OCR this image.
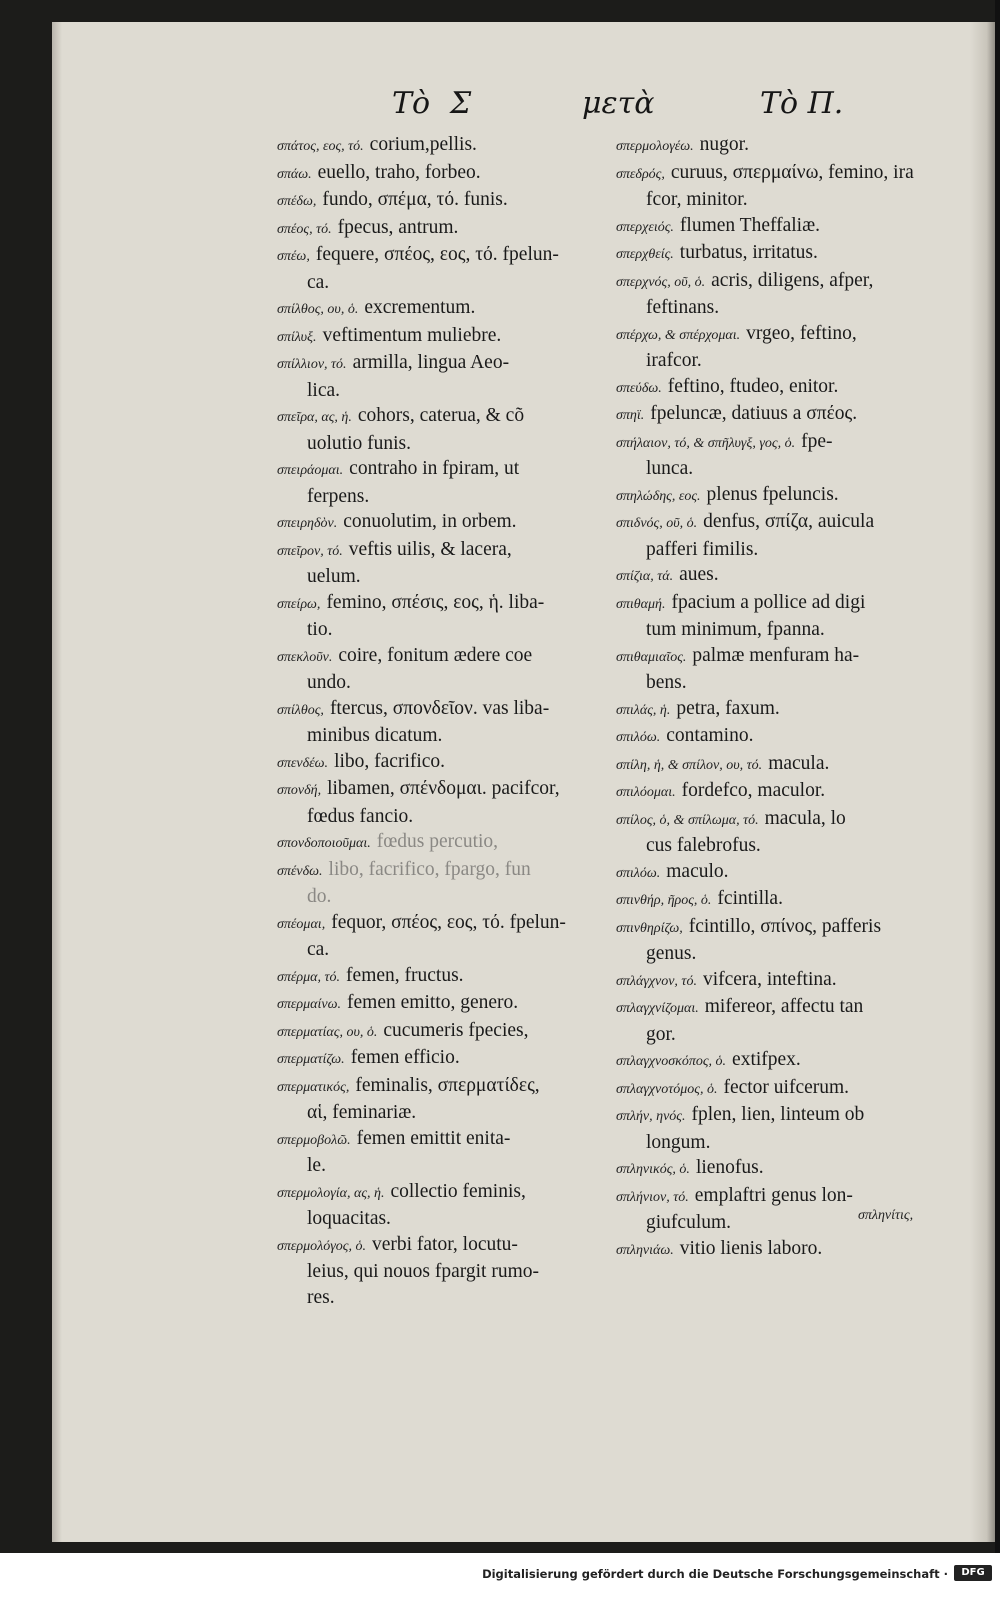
Τὸ Σ	μετὰ	Τὸ Π.
σπάτος, εος, τό. corium,pellis.
σπάω. euello, traho, forbeo.
σπέδω, fundo, σπέμα, τό. funis.
σπέος, τό. fpecus, antrum.
σπέω, fequere, σπέος, εος, τό. fpelun-
ca.
σπίλθος, ου, ὁ. excrementum.
σπίλυξ. veftimentum muliebre.
σπίλλιον, τό. armilla, lingua Aeo-
lica.
σπεῖρα, ας, ἡ. cohors, caterua, & cõ
uolutio funis.
σπειράομαι. contraho in fpiram, ut
ferpens.
σπειρηδὸν. conuolutim, in orbem.
σπεῖρον, τό. veftis uilis, & lacera,
uelum.
σπείρω, femino, σπέσις, εος, ἡ. liba-
tio.
σπεκλοῦν. coire, fonitum ædere coe
undo.
σπίλθος, ftercus, σπονδεῖον. vas liba-
minibus dicatum.
σπενδέω. libo, facrifico.
σπονδή, libamen, σπένδομαι. pacifcor,
fœdus fancio.
σπονδοποιοῦμαι. fœdus percutio,
σπένδω. libo, facrifico, fpargo, fun
do.
σπέομαι, fequor, σπέος, εος, τό. fpelun-
ca.
σπέρμα, τό. femen, fructus.
σπερμαίνω. femen emitto, genero.
σπερματίας, ου, ὁ. cucumeris fpecies,
σπερματίζω. femen efficio.
σπερματικός, feminalis, σπερματίδες,
αἱ, feminariæ.
σπερμοβολῶ. femen emittit enita-
le.
σπερμολογία, ας, ἡ. collectio feminis,
loquacitas.
σπερμολόγος, ὁ. verbi fator, locutu-
leius, qui nouos fpargit rumo-
res.
σπερμολογέω. nugor.
σπεδρός, curuus, σπερμαίνω, femino, ira
fcor, minitor.
σπερχειός. flumen Theffaliæ.
σπερχθείς. turbatus, irritatus.
σπερχνός, οῦ, ὁ. acris, diligens, afper,
feftinans.
σπέρχω, & σπέρχομαι. vrgeo, feftino,
irafcor.
σπεύδω. feftino, ftudeo, enitor.
σπηϊ. fpeluncæ, datiuus a σπέος.
σπήλαιον, τό, & σπῆλυγξ, γος, ὁ. fpe-
lunca.
σπηλώδης, εος. plenus fpeluncis.
σπιδνός, οῦ, ὁ. denfus, σπίζα, auicula
pafferi fimilis.
σπίζια, τά. aues.
σπιθαμή. fpacium a pollice ad digi
tum minimum, fpanna.
σπιθαμιαῖος. palmæ menfuram ha-
bens.
σπιλάς, ἡ. petra, faxum.
σπιλόω. contamino.
σπίλη, ἡ, & σπίλον, ου, τό. macula.
σπιλόομαι. fordefco, maculor.
σπίλος, ὁ, & σπίλωμα, τό. macula, lo
cus falebrofus.
σπιλόω. maculo.
σπινθήρ, ῆρος, ὁ. fcintilla.
σπινθηρίζω, fcintillo, σπίνος, pafferis
genus.
σπλάγχνον, τό. vifcera, inteftina.
σπλαγχνίζομαι. mifereor, affectu tan
gor.
σπλαγχνοσκόπος, ὁ. extifpex.
σπλαγχνοτόμος, ὁ. fector uifcerum.
σπλήν, ηνός. fplen, lien, linteum ob
longum.
σπληνικός, ὁ. lienofus.
σπλήνιον, τό. emplaftri genus lon-
giufculum.
σπληνιάω. vitio lienis laboro.
σπληνίτις,
Digitalisierung gefördert durch die Deutsche Forschungsgemeinschaft ·	DFG
